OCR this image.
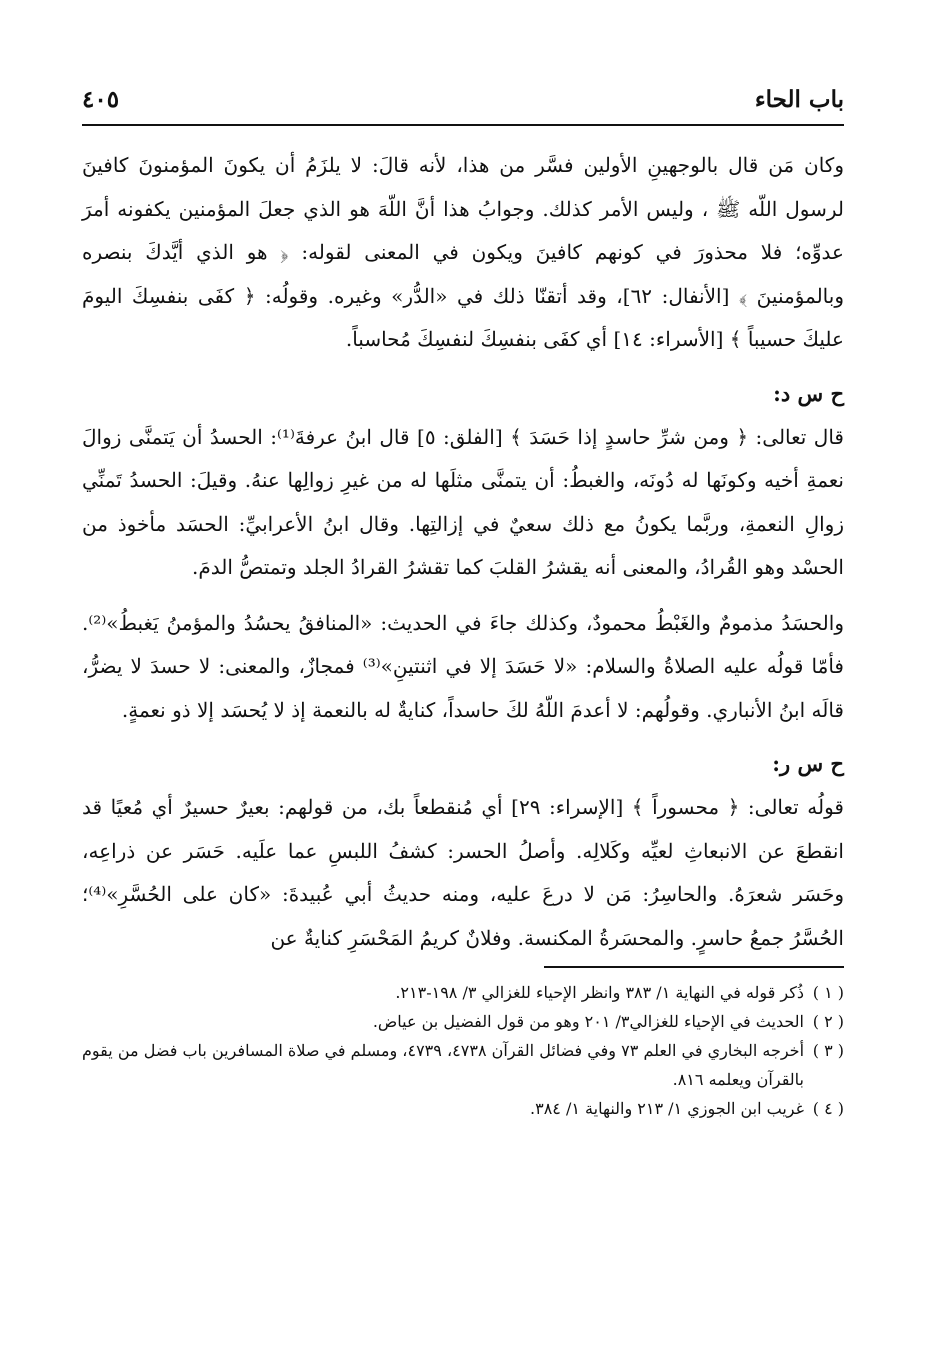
باب الحاء
٤٠٥

وكان مَن قال بالوجهينِ الأولين فسَّر من هذا، لأنه قالَ: لا يلزَمُ أن يكونَ المؤمنونَ كافينَ لرسول اللّه ﷺ ، وليس الأمر كذلك. وجوابُ هذا أنَّ اللّهَ هو الذي جعلَ المؤمنين يكفونه أمرَ عدوِّه؛ فلا محذورَ في كونهم كافينَ ويكون في المعنى لقوله: ﴿ هو الذي أيَّدكَ بنصره وبالمؤمنينَ ﴾ [الأنفال: ٦٢]، وقد أتقنّا ذلك في «الدُّر» وغيره. وقولُه: ﴿ كفَى بنفسِكَ اليومَ عليكَ حسيباً ﴾ [الأسراء: ١٤] أي كفَى بنفسِكَ لنفسِكَ مُحاسباً.

ح س د:

قال تعالى: ﴿ ومن شرِّ حاسدٍ إذا حَسَدَ ﴾ [الفلق: ٥] قال ابنُ عرفةَ⁽¹⁾: الحسدُ أن يَتمنَّى زوالَ نعمةِ أخيه وكونَها له دُونَه، والغبطُ: أن يتمنَّى مثلَها له من غيرِ زوالِها عنهُ. وقيلَ: الحسدُ تَمنِّي زوالِ النعمةِ، وربَّما يكونُ مع ذلك سعيٌ في إزالتِها. وقال ابنُ الأعرابيِّ: الحسَد مأخوذ من الحسْد وهو القُرادُ، والمعنى أنه يقشرُ القلبَ كما تقشرُ القرادُ الجلد وتمتصُّ الدمَ.

والحسَدُ مذمومٌ والغَبْطُ محمودٌ، وكذلك جاءَ في الحديث: «المنافقُ يحسُدُ والمؤمنُ يَغبطُ»⁽²⁾. فأمّا قولُه عليه الصلاةُ والسلام: «لا حَسَدَ إلا في اثنتينِ»⁽³⁾ فمجازٌ، والمعنى: لا حسدَ لا يضرُّ، قالَه ابنُ الأنباري. وقولُهم: لا أعدمَ اللّهُ لكَ حاسداً، كنايةٌ له بالنعمة إذ لا يُحسَد إلا ذو نعمةٍ.

ح س ر:

قولُه تعالى: ﴿ محسوراً ﴾ [الإسراء: ٢٩] أي مُنقطعاً بك، من قولهم: بعيرٌ حسيرٌ أي مُعيًا قد انقطعَ عن الانبعاثِ لعيِّه وكَلالِه. وأصلُ الحسر: كشفُ اللبسِ عما علَيه. حَسَر عن ذراعِه، وحَسَر شعرَهُ. والحاسِرُ: مَن لا درعَ عليه، ومنه حديثُ أبي عُبيدةَ: «كان على الحُسَّرِ»⁽⁴⁾؛ الحُسَّرُ جمعُ حاسرٍ. والمحسَرةُ المكنسة. وفلانٌ كريمُ المَحْسَرِ كنايةٌ عن

( ١ )
ذُكر قوله في النهاية ١/ ٣٨٣ وانظر الإحياء للغزالي ٣/ ١٩٨-٢١٣.
( ٢ )
الحديث في الإحياء للغزالي٣/ ٢٠١ وهو من قول الفضيل بن عياض.
( ٣ )
أخرجه البخاري في العلم ٧٣ وفي فضائل القرآن ٤٧٣٨، ٤٧٣٩، ومسلم في صلاة المسافرين باب فضل من يقوم بالقرآن ويعلمه ٨١٦.
( ٤ )
غريب ابن الجوزي ١/ ٢١٣ والنهاية ١/ ٣٨٤.
